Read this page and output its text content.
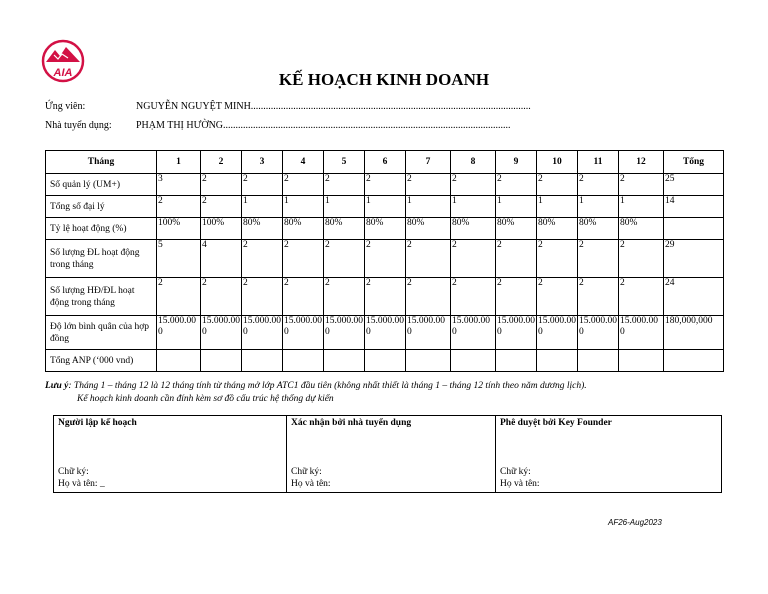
AIA	KẾ HOẠCH KINH DOANH
Ứng viên:	NGUYỄN NGUYỆT MINH................................................................................................................
Nhà tuyển dụng: PHẠM THỊ HƯỜNG...................................................................................................................
Tháng	1	2	3	4	5	6	7	8	9	10	11	12	Tổng
Số quản lý (UM+)	3	2	2	2	2	2	2	2	2	2	2	2	25
Tổng số đại lý	2	2	1	1	1	1	1	1	1	1	1	1	14
Tỷ lệ hoạt động (%)	100%	100%	80%	80%	80%	80%	80%	80%	80%	80%	80%	80%	
Số lượng ĐL hoạt động trong tháng	5	4	2	2	2	2	2	2	2	2	2	2	29
Số lượng HĐ/ĐL hoạt động trong tháng	2	2	2	2	2	2	2	2	2	2	2	2	24
Độ lớn bình quân của hợp đồng	15.000.000	15.000.000	15.000.000	15.000.000	15.000.000	15.000.000	15.000.000	15.000.000	15.000.000	15.000.000	15.000.000	15.000.000	180,000,000
Tổng ANP (‘000 vnd)													
Lưu ý: Tháng 1 – tháng 12 là 12 tháng tính từ tháng mở lớp ATC1 đầu tiên (không nhất thiết là tháng 1 – tháng 12 tính theo năm dương lịch).
Kế hoạch kinh doanh cần đính kèm sơ đồ cấu trúc hệ thống dự kiến
Người lập kế hoạch
Chữ ký:
Họ và tên: _

Xác nhận bởi nhà tuyển dụng
Chữ ký:
Họ và tên:

Phê duyệt bởi Key Founder
Chữ ký:
Họ và tên:
AF26-Aug2023
